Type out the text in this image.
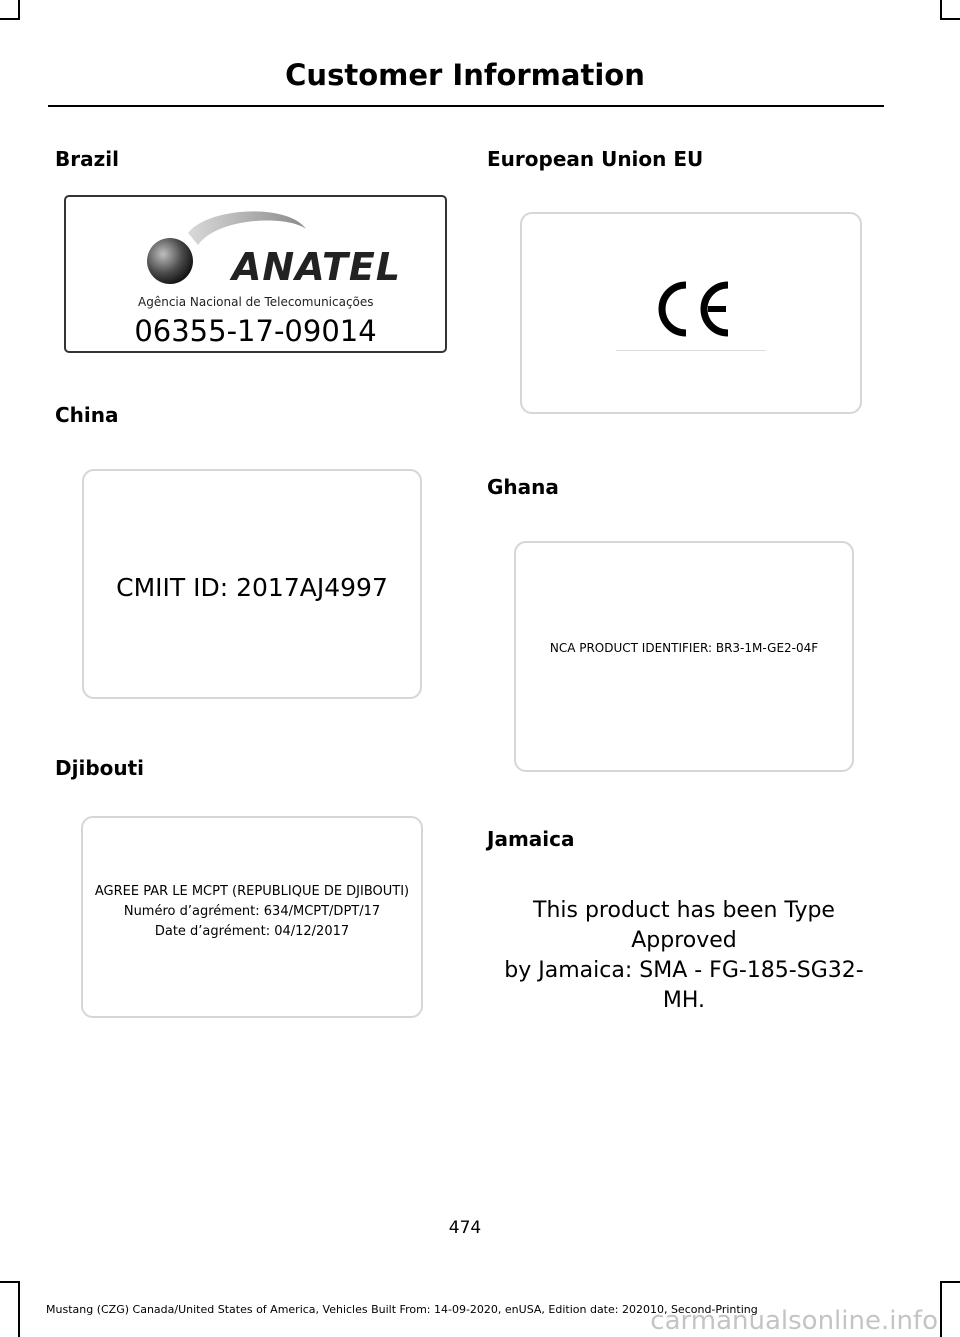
Customer Information
Brazil
ANATEL
Agência Nacional de Telecomunicações
06355-17-09014
China
CMIIT ID: 2017AJ4997
Djibouti
AGREE PAR LE MCPT (REPUBLIQUE DE DJIBOUTI)
Numéro d’agrément: 634/MCPT/DPT/17
Date d’agrément: 04/12/2017
European Union EU
Ghana
NCA PRODUCT IDENTIFIER: BR3-1M-GE2-04F
Jamaica
This product has been Type Approved
by Jamaica: SMA - FG-185-SG32-MH.
474
Mustang (CZG) Canada/United States of America, Vehicles Built From: 14-09-2020, enUSA, Edition date: 202010, Second-Printing
carmanualsonline.info
